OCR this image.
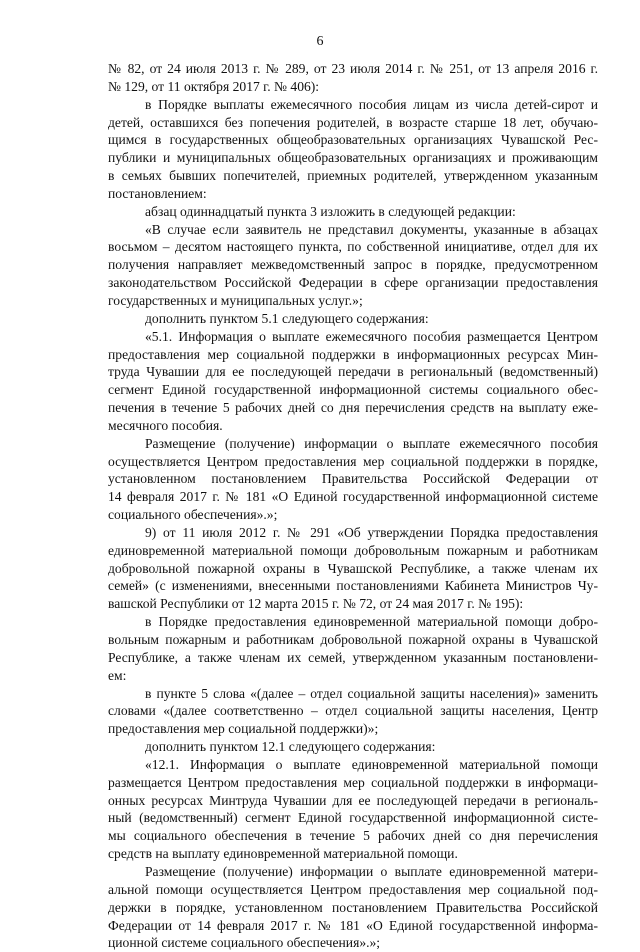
6
№ 82, от 24 июля 2013 г. № 289, от 23 июля 2014 г. № 251, от 13 апреля 2016 г.
№ 129, от 11 октября 2017 г. № 406):
в Порядке выплаты ежемесячного пособия лицам из числа детей-сирот и
детей, оставшихся без попечения родителей, в возрасте старше 18 лет, обучаю-
щимся в государственных общеобразовательных организациях Чувашской Рес-
публики и муниципальных общеобразовательных организациях и проживающим
в семьях бывших попечителей, приемных родителей, утвержденном указанным
постановлением:
абзац одиннадцатый пункта 3 изложить в следующей редакции:
«В случае если заявитель не представил документы, указанные в абзацах
восьмом – десятом настоящего пункта, по собственной инициативе, отдел для их
получения направляет межведомственный запрос в порядке, предусмотренном
законодательством Российской Федерации в сфере организации предоставления
государственных и муниципальных услуг.»;
дополнить пунктом 5.1 следующего содержания:
«5.1. Информация о выплате ежемесячного пособия размещается Центром
предоставления мер социальной поддержки в информационных ресурсах Мин-
труда Чувашии для ее последующей передачи в региональный (ведомственный)
сегмент Единой государственной информационной системы социального обес-
печения в течение 5 рабочих дней со дня перечисления средств на выплату еже-
месячного пособия.
Размещение (получение) информации о выплате ежемесячного пособия
осуществляется Центром предоставления мер социальной поддержки в порядке,
установленном постановлением Правительства Российской Федерации от
14 февраля 2017 г. № 181 «О Единой государственной информационной системе
социального обеспечения».»;
9) от 11 июля 2012 г. № 291 «Об утверждении Порядка предоставления
единовременной материальной помощи добровольным пожарным и работникам
добровольной пожарной охраны в Чувашской Республике, а также членам их
семей» (с изменениями, внесенными постановлениями Кабинета Министров Чу-
вашской Республики от 12 марта 2015 г. № 72, от 24 мая 2017 г. № 195):
в Порядке предоставления единовременной материальной помощи добро-
вольным пожарным и работникам добровольной пожарной охраны в Чувашской
Республике, а также членам их семей, утвержденном указанным постановлени-
ем:
в пункте 5 слова «(далее – отдел социальной защиты населения)» заменить
словами «(далее соответственно – отдел социальной защиты населения, Центр
предоставления мер социальной поддержки)»;
дополнить пунктом 12.1 следующего содержания:
«12.1. Информация о выплате единовременной материальной помощи
размещается Центром предоставления мер социальной поддержки в информаци-
онных ресурсах Минтруда Чувашии для ее последующей передачи в региональ-
ный (ведомственный) сегмент Единой государственной информационной систе-
мы социального обеспечения в течение 5 рабочих дней со дня перечисления
средств на выплату единовременной материальной помощи.
Размещение (получение) информации о выплате единовременной матери-
альной помощи осуществляется Центром предоставления мер социальной под-
держки в порядке, установленном постановлением Правительства Российской
Федерации от 14 февраля 2017 г. № 181 «О Единой государственной информа-
ционной системе социального обеспечения».»;
